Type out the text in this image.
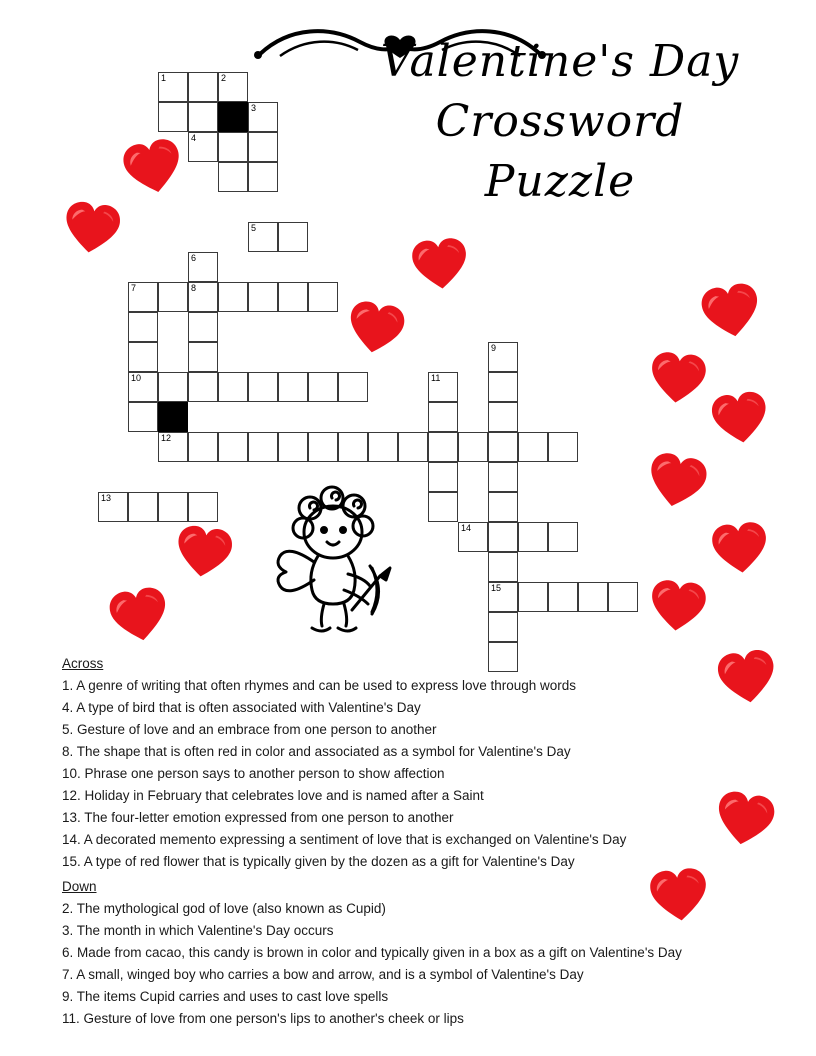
Valentine's Day
Crossword
Puzzle
1	2
3
4
5
6
7	8
9
10	11
12
13
14
15
Across
1. A genre of writing that often rhymes and can be used to express love through words
4. A type of bird that is often associated with Valentine's Day
5. Gesture of love and an embrace from one person to another
8. The shape that is often red in color and associated as a symbol for Valentine's Day
10. Phrase one person says to another person to show affection
12. Holiday in February that celebrates love and is named after a Saint
13. The four-letter emotion expressed from one person to another
14. A decorated memento expressing a sentiment of love that is exchanged on Valentine's Day
15. A type of red flower that is typically given by the dozen as a gift for Valentine's Day
Down
2. The mythological god of love (also known as Cupid)
3. The month in which Valentine's Day occurs
6. Made from cacao, this candy is brown in color and typically given in a box as a gift on Valentine's Day
7. A small, winged boy who carries a bow and arrow, and is a symbol of Valentine's Day
9. The items Cupid carries and uses to cast love spells
11. Gesture of love from one person's lips to another's cheek or lips
